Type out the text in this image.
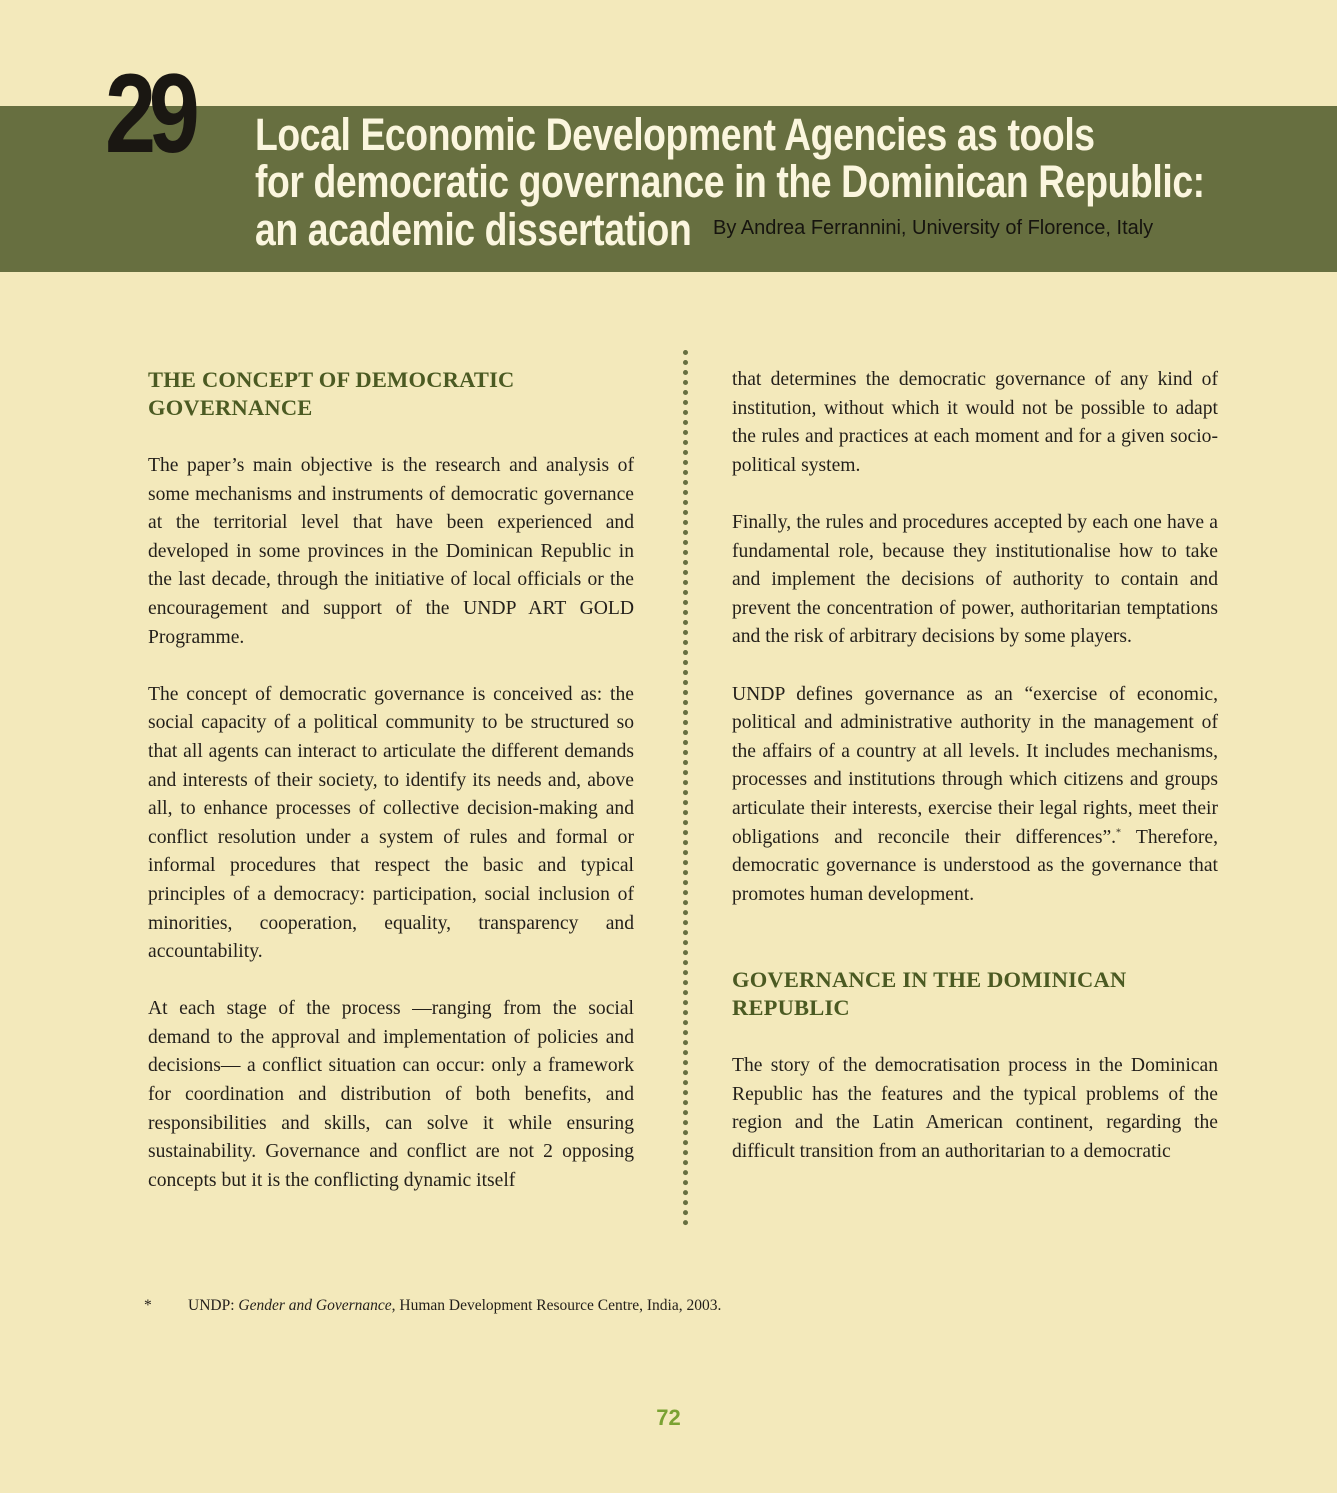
29 Local Economic Development Agencies as tools
for democratic governance in the Dominican Republic:
an academic dissertation By Andrea Ferrannini, University of Florence, Italy
THE CONCEPT OF DEMOCRATIC
GOVERNANCE

The paper’s main objective is the research and analysis of some mechanisms and instruments of democratic governance at the territorial level that have been experienced and developed in some provinces in the Dominican Republic in the last decade, through the initiative of local officials or the encouragement and support of the UNDP ART GOLD Programme.

The concept of democratic governance is conceived as: the social capacity of a political community to be structured so that all agents can interact to articulate the different demands and interests of their society, to identify its needs and, above all, to enhance processes of collective decision-making and conflict resolution under a system of rules and formal or informal procedures that respect the basic and typical principles of a democracy: participation, social inclusion of minorities, cooperation, equality, transparency and accountability.

At each stage of the process —ranging from the social demand to the approval and implementation of policies and decisions— a conflict situation can occur: only a framework for coordination and distribution of both benefits, and responsibilities and skills, can solve it while ensuring sustainability. Governance and conflict are not 2 opposing concepts but it is the conflicting dynamic itself

that determines the democratic governance of any kind of institution, without which it would not be possible to adapt the rules and practices at each moment and for a given socio-political system.

Finally, the rules and procedures accepted by each one have a fundamental role, because they institutionalise how to take and implement the decisions of authority to contain and prevent the concentration of power, authoritarian temptations and the risk of arbitrary decisions by some players.

UNDP defines governance as an “exercise of economic, political and administrative authority in the management of the affairs of a country at all levels. It includes mechanisms, processes and institutions through which citizens and groups articulate their interests, exercise their legal rights, meet their obligations and reconcile their differences”.* Therefore, democratic governance is understood as the governance that promotes human development.

GOVERNANCE IN THE DOMINICAN
REPUBLIC

The story of the democratisation process in the Dominican Republic has the features and the typical problems of the region and the Latin American continent, regarding the difficult transition from an authoritarian to a democratic

* UNDP: Gender and Governance, Human Development Resource Centre, India, 2003.
72
